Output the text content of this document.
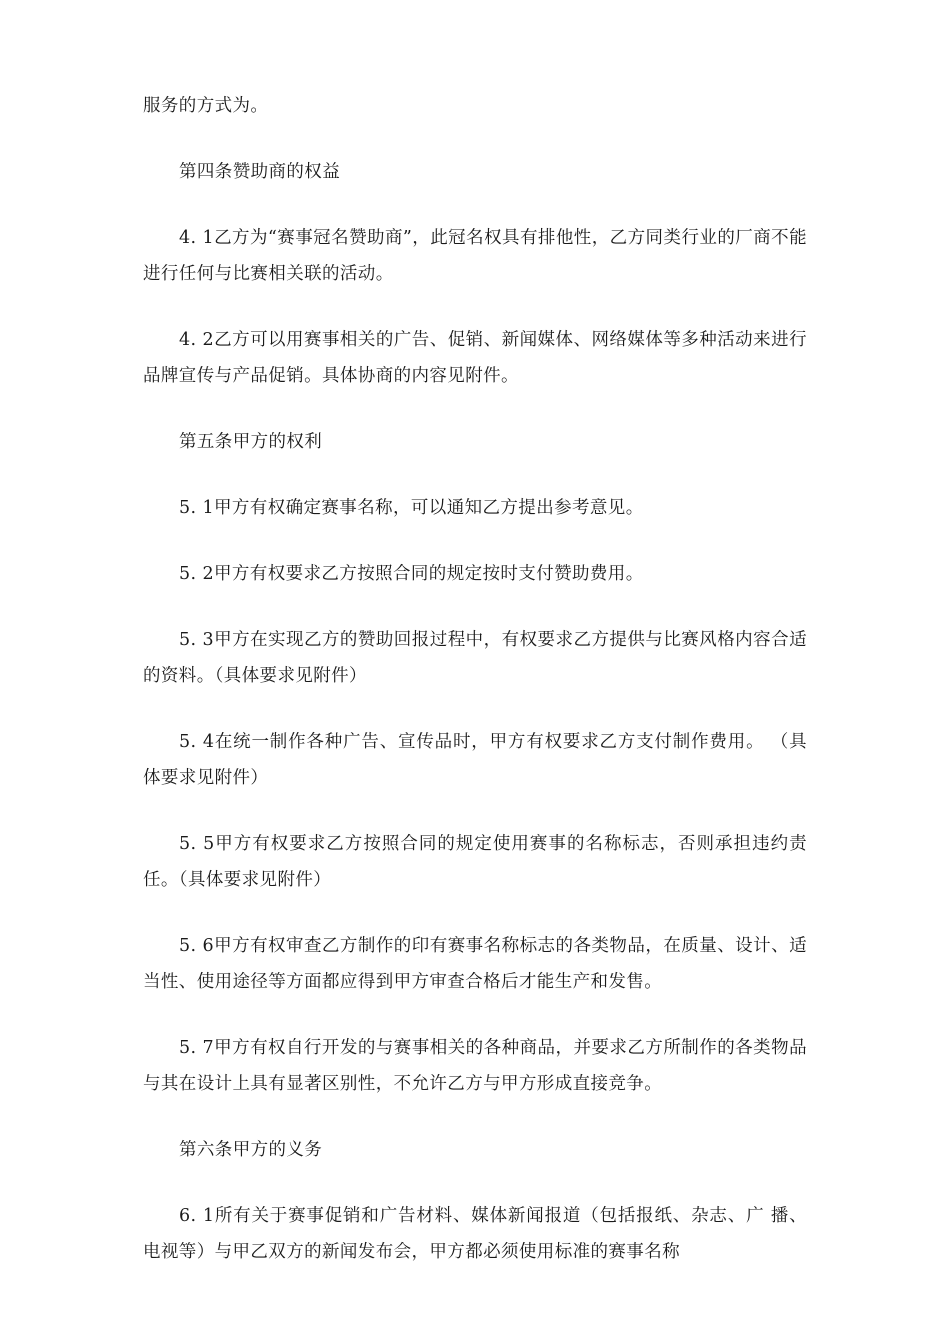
服务的方式为。

第四条赞助商的权益

4. 1乙方为“赛事冠名赞助商”，此冠名权具有排他性，乙方同类行业的厂商不能进行任何与比赛相关联的活动。

4. 2乙方可以用赛事相关的广告、促销、新闻媒体、网络媒体等多种活动来进行品牌宣传与产品促销。具体协商的内容见附件。

第五条甲方的权利

5. 1甲方有权确定赛事名称，可以通知乙方提出参考意见。

5. 2甲方有权要求乙方按照合同的规定按时支付赞助费用。

5. 3甲方在实现乙方的赞助回报过程中，有权要求乙方提供与比赛风格内容合适的资料。（具体要求见附件）

5. 4在统一制作各种广告、宣传品时，甲方有权要求乙方支付制作费用。 （具体要求见附件）

5. 5甲方有权要求乙方按照合同的规定使用赛事的名称标志，否则承担违约责任。（具体要求见附件）

5. 6甲方有权审查乙方制作的印有赛事名称标志的各类物品，在质量、设计、适当性、使用途径等方面都应得到甲方审查合格后才能生产和发售。

5. 7甲方有权自行开发的与赛事相关的各种商品，并要求乙方所制作的各类物品与其在设计上具有显著区别性，不允许乙方与甲方形成直接竞争。

第六条甲方的义务

6. 1所有关于赛事促销和广告材料、媒体新闻报道（包括报纸、杂志、广 播、电视等）与甲乙双方的新闻发布会，甲方都必须使用标准的赛事名称
